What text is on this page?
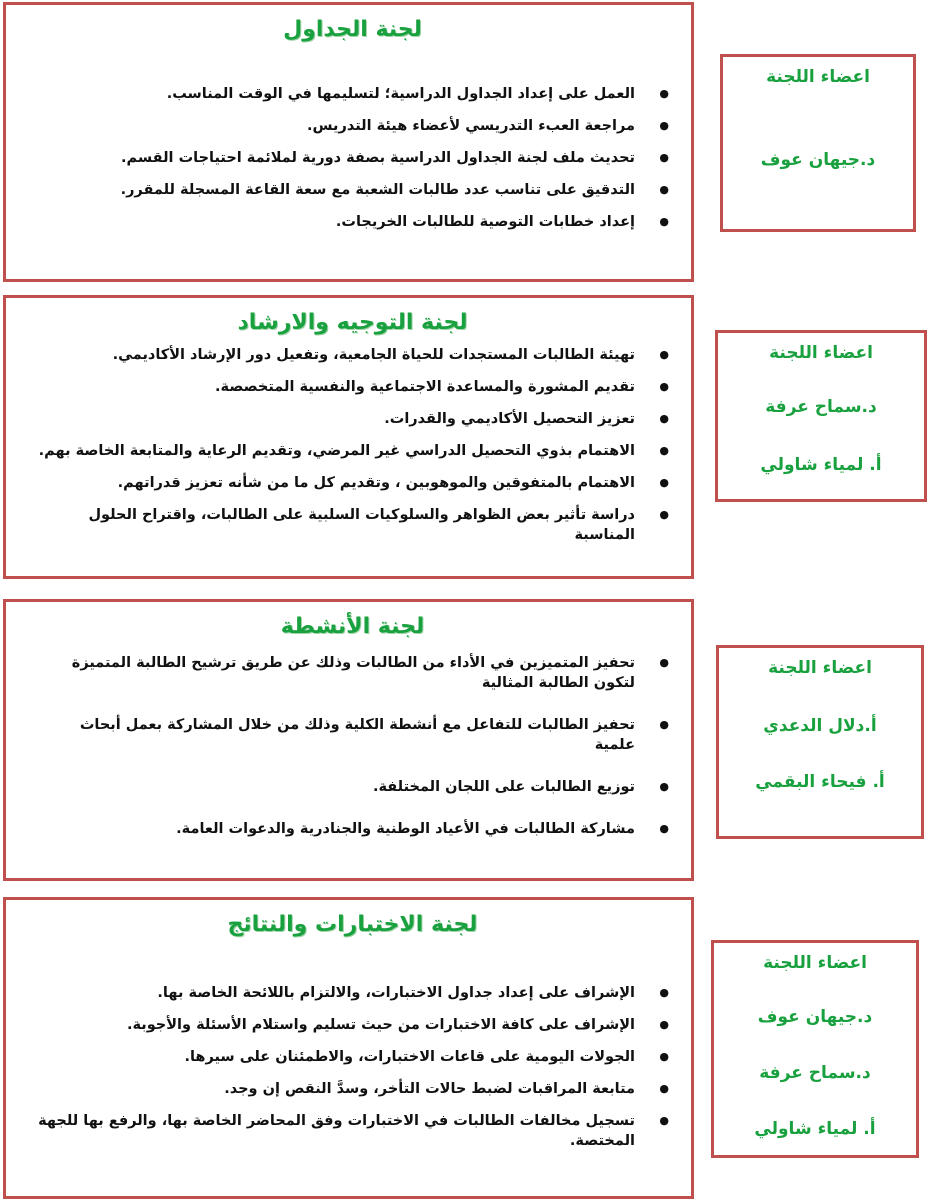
لجنة الجداول
● العمل على إعداد الجداول الدراسية؛ لتسليمها في الوقت المناسب.
● مراجعة العبء التدريسي لأعضاء هيئة التدريس.
● تحديث ملف لجنة الجداول الدراسية بصفة دورية لملائمة احتياجات القسم.
● التدقيق على تناسب عدد طالبات الشعبة مع سعة القاعة المسجلة للمقرر.
● إعداد خطابات التوصية للطالبات الخريجات.
اعضاء اللجنة
د.جيهان عوف
لجنة التوجيه والارشاد
● تهيئة الطالبات المستجدات للحياة الجامعية، وتفعيل دور الإرشاد الأكاديمي.
● تقديم المشورة والمساعدة الاجتماعية والنفسية المتخصصة.
● تعزيز التحصيل الأكاديمي والقدرات.
● الاهتمام بذوي التحصيل الدراسي غير المرضي، وتقديم الرعاية والمتابعة الخاصة بهم.
● الاهتمام بالمتفوقين والموهوبين ، وتقديم كل ما من شأنه تعزيز قدراتهم.
● دراسة تأثير بعض الظواهر والسلوكيات السلبية على الطالبات، واقتراح الحلول المناسبة
اعضاء اللجنة
د.سماح عرفة
أ. لمياء شاولي
لجنة الأنشطة
● تحفيز المتميزين في الأداء من الطالبات وذلك عن طريق ترشيح الطالبة المتميزة لتكون الطالبة المثالية
● تحفيز الطالبات للتفاعل مع أنشطة الكلية وذلك من خلال المشاركة بعمل أبحاث علمية
● توزيع الطالبات على اللجان المختلفة.
● مشاركة الطالبات في الأعياد الوطنية والجنادرية والدعوات العامة.
اعضاء اللجنة
أ.دلال الدعدي
أ. فيحاء البقمي
لجنة الاختبارات والنتائج
● الإشراف على إعداد جداول الاختبارات، والالتزام باللائحة الخاصة بها.
● الإشراف على كافة الاختبارات من حيث تسليم واستلام الأسئلة والأجوبة.
● الجولات اليومية على قاعات الاختبارات، والاطمئنان على سيرها.
● متابعة المراقبات لضبط حالات التأخر، وسدَّ النقص إن وجد.
● تسجيل مخالفات الطالبات في الاختبارات وفق المحاضر الخاصة بها، والرفع بها للجهة المختصة.
اعضاء اللجنة
د.جيهان عوف
د.سماح عرفة
أ. لمياء شاولي
